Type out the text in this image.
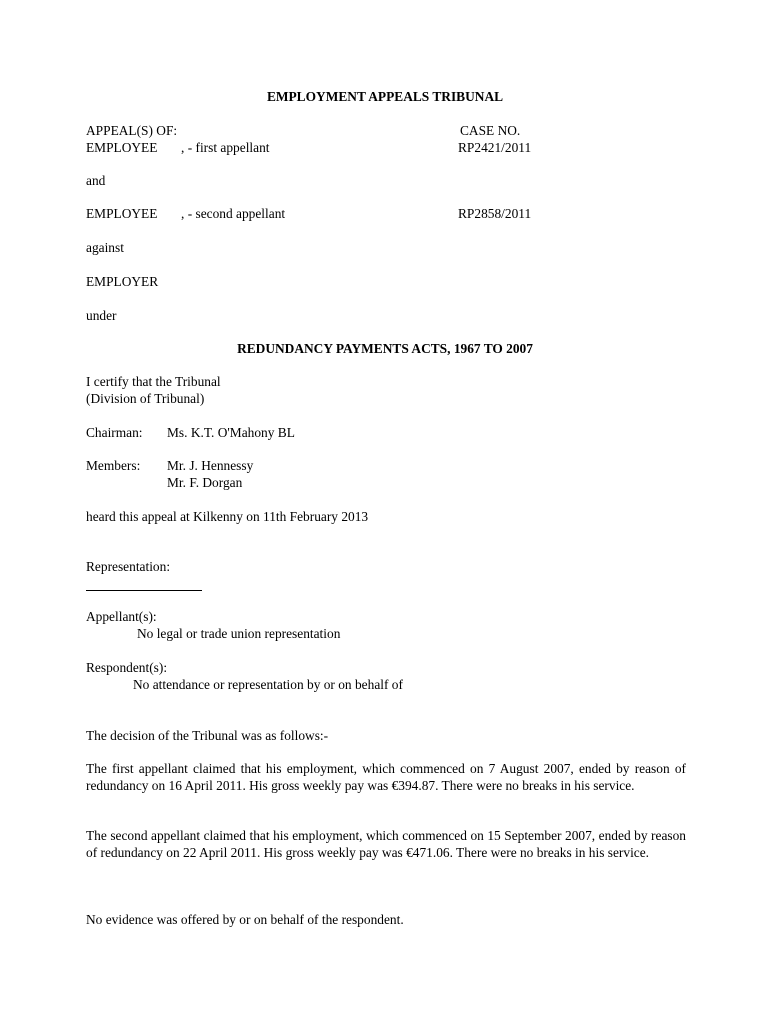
EMPLOYMENT APPEALS TRIBUNAL
APPEAL(S) OF:	CASE NO.
EMPLOYEE , - first appellant	RP2421/2011
and
EMPLOYEE , - second appellant	RP2858/2011
against
EMPLOYER
under
REDUNDANCY PAYMENTS ACTS, 1967 TO 2007
I certify that the Tribunal
(Division of Tribunal)
Chairman: Ms. K.T. O'Mahony BL
Members: Mr. J. Hennessy
Mr. F. Dorgan
heard this appeal at Kilkenny on 11th February 2013
Representation:
Appellant(s):
No legal or trade union representation
Respondent(s):
No attendance or representation by or on behalf of
The decision of the Tribunal was as follows:-
The first appellant claimed that his employment, which commenced on 7 August 2007, ended by reason of redundancy on 16 April 2011. His gross weekly pay was €394.87. There were no breaks in his service.
The second appellant claimed that his employment, which commenced on 15 September 2007, ended by reason of redundancy on 22 April 2011. His gross weekly pay was €471.06. There were no breaks in his service.
No evidence was offered by or on behalf of the respondent.
